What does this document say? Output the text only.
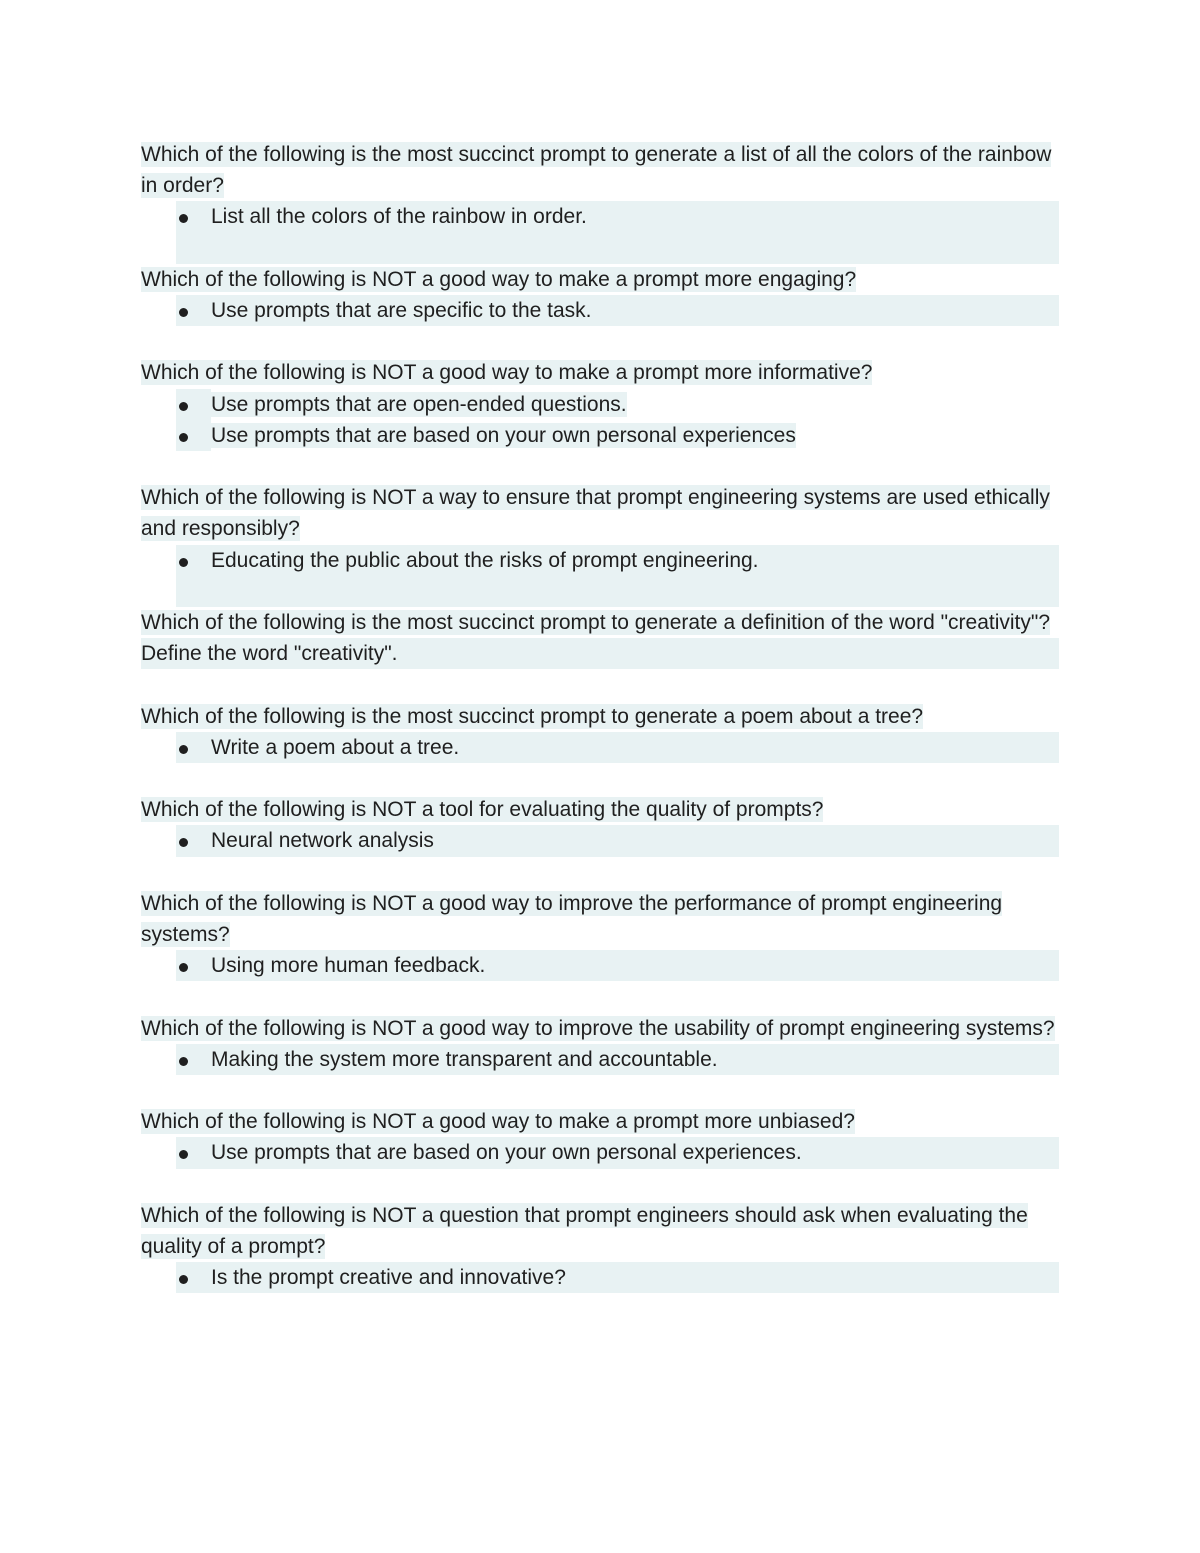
Which of the following is the most succinct prompt to generate a list of all the colors of the rainbow in order?
List all the colors of the rainbow in order.
Which of the following is NOT a good way to make a prompt more engaging?
Use prompts that are specific to the task.
Which of the following is NOT a good way to make a prompt more informative?
Use prompts that are open-ended questions.
Use prompts that are based on your own personal experiences
Which of the following is NOT a way to ensure that prompt engineering systems are used ethically and responsibly?
Educating the public about the risks of prompt engineering.
Which of the following is the most succinct prompt to generate a definition of the word "creativity"?
Define the word "creativity".
Which of the following is the most succinct prompt to generate a poem about a tree?
Write a poem about a tree.
Which of the following is NOT a tool for evaluating the quality of prompts?
Neural network analysis
Which of the following is NOT a good way to improve the performance of prompt engineering systems?
Using more human feedback.
Which of the following is NOT a good way to improve the usability of prompt engineering systems?
Making the system more transparent and accountable.
Which of the following is NOT a good way to make a prompt more unbiased?
Use prompts that are based on your own personal experiences.
Which of the following is NOT a question that prompt engineers should ask when evaluating the quality of a prompt?
Is the prompt creative and innovative?
